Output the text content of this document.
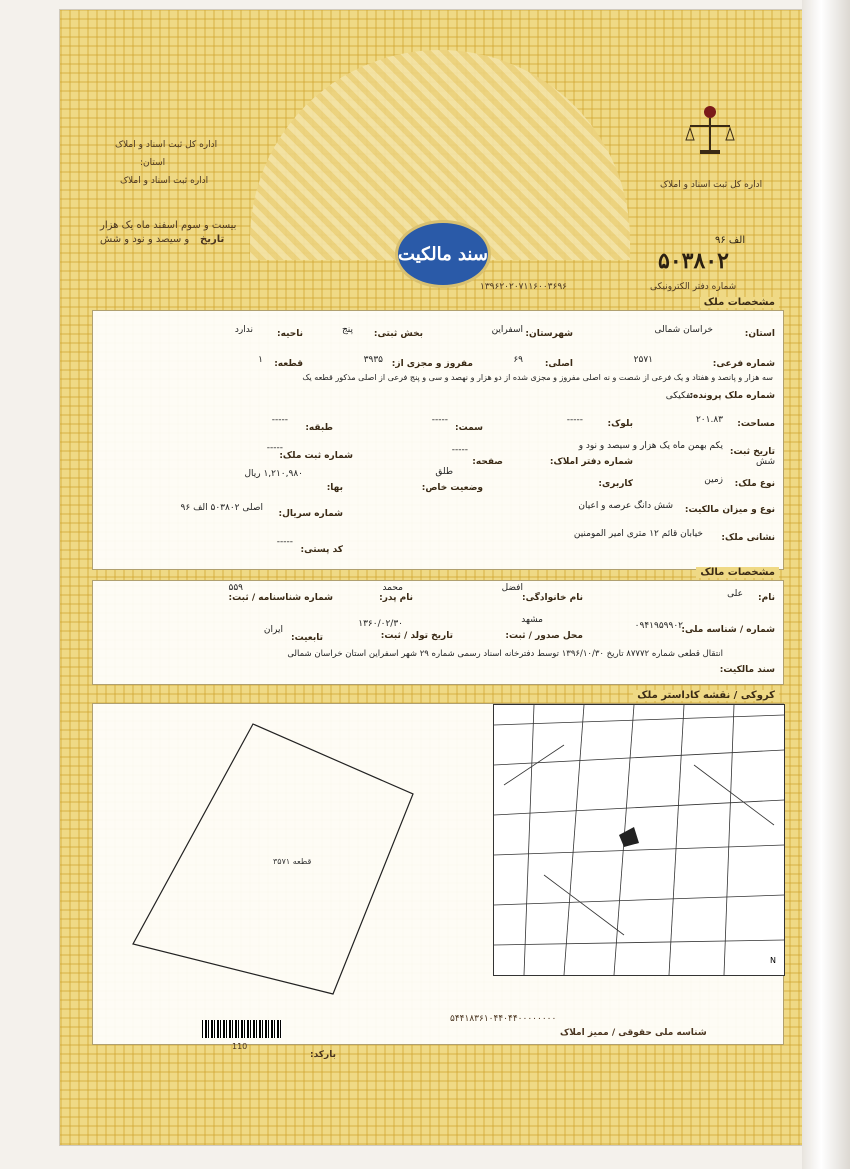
اداره کل ثبت اسناد و املاک
استان:
اداره ثبت اسناد و املاک
بیست و سوم اسفند ماه یک هزار
و سیصد و نود و شش تاریخ
اداره کل ثبت اسناد و املاک
سند مالکیت	۵۰۳۸۰۲
الف ۹۶
۱۳۹۶۲۰۲۰۷۱۱۶۰۰۳۶۹۶	شماره دفتر الکترونیکی
مشخصات ملک
استان:
خراسان شمالی
شهرستان:
اسفراین
بخش ثبتی:
پنج
ناحیه:
ندارد
شماره فرعی:
۲۵۷۱
اصلی:
۶۹
مفروز و مجزی از:
۳۹۳۵
قطعه:
۱
سه هزار و پانصد و هفتاد و یک فرعی از شصت و نه اصلی مفروز و مجزی شده از دو هزار و نهصد و سی و پنج فرعی از اصلی مذکور قطعه یک
شماره ملک پرونده:
تفکیکی
مساحت:
۲۰۱.۸۳
بلوک:
-----
سمت:
-----
طبقه:
-----
تاریخ ثبت:
یکم بهمن ماه یک هزار و سیصد و نود و
شش
شماره دفتر املاک:
صفحه:
-----
شماره ثبت ملک:
-----
نوع ملک:
زمین
کاربری:
وضعیت خاص:
طلق
بها:
۱,۲۱۰,۹۸۰ ریال
نوع و میزان مالکیت:
شش دانگ عرصه و اعیان
شماره سریال:
اصلی ۵۰۳۸۰۲ الف ۹۶
نشانی ملک:
خیابان قائم ۱۲ متری امیر المومنین
کد پستی:
-----
مشخصات مالک
نام:
علی
نام خانوادگی:
افضل
نام پدر:
محمد
شماره شناسنامه / ثبت:
۵۵۹
شماره / شناسه ملی:
۰۹۴۱۹۵۹۹۰۲
محل صدور / ثبت:
مشهد
تاریخ تولد / ثبت:
۱۳۶۰/۰۲/۳۰
تابعیت:
ایران
انتقال قطعی شماره ۸۷۷۷۲ تاریخ ۱۳۹۶/۱۰/۳۰ توسط دفترخانه اسناد رسمی شماره ۲۹ شهر اسفراین استان خراسان شمالی
سند مالکیت:
کروکی / نقشه کاداستر ملک
قطعه ۳۵۷۱
N
110
بارکد:
شناسه ملی حقوقی / ممیز املاک
۵۴۴۱۸۳۶۱۰۴۴۰۴۴۰۰۰۰۰۰۰۰
